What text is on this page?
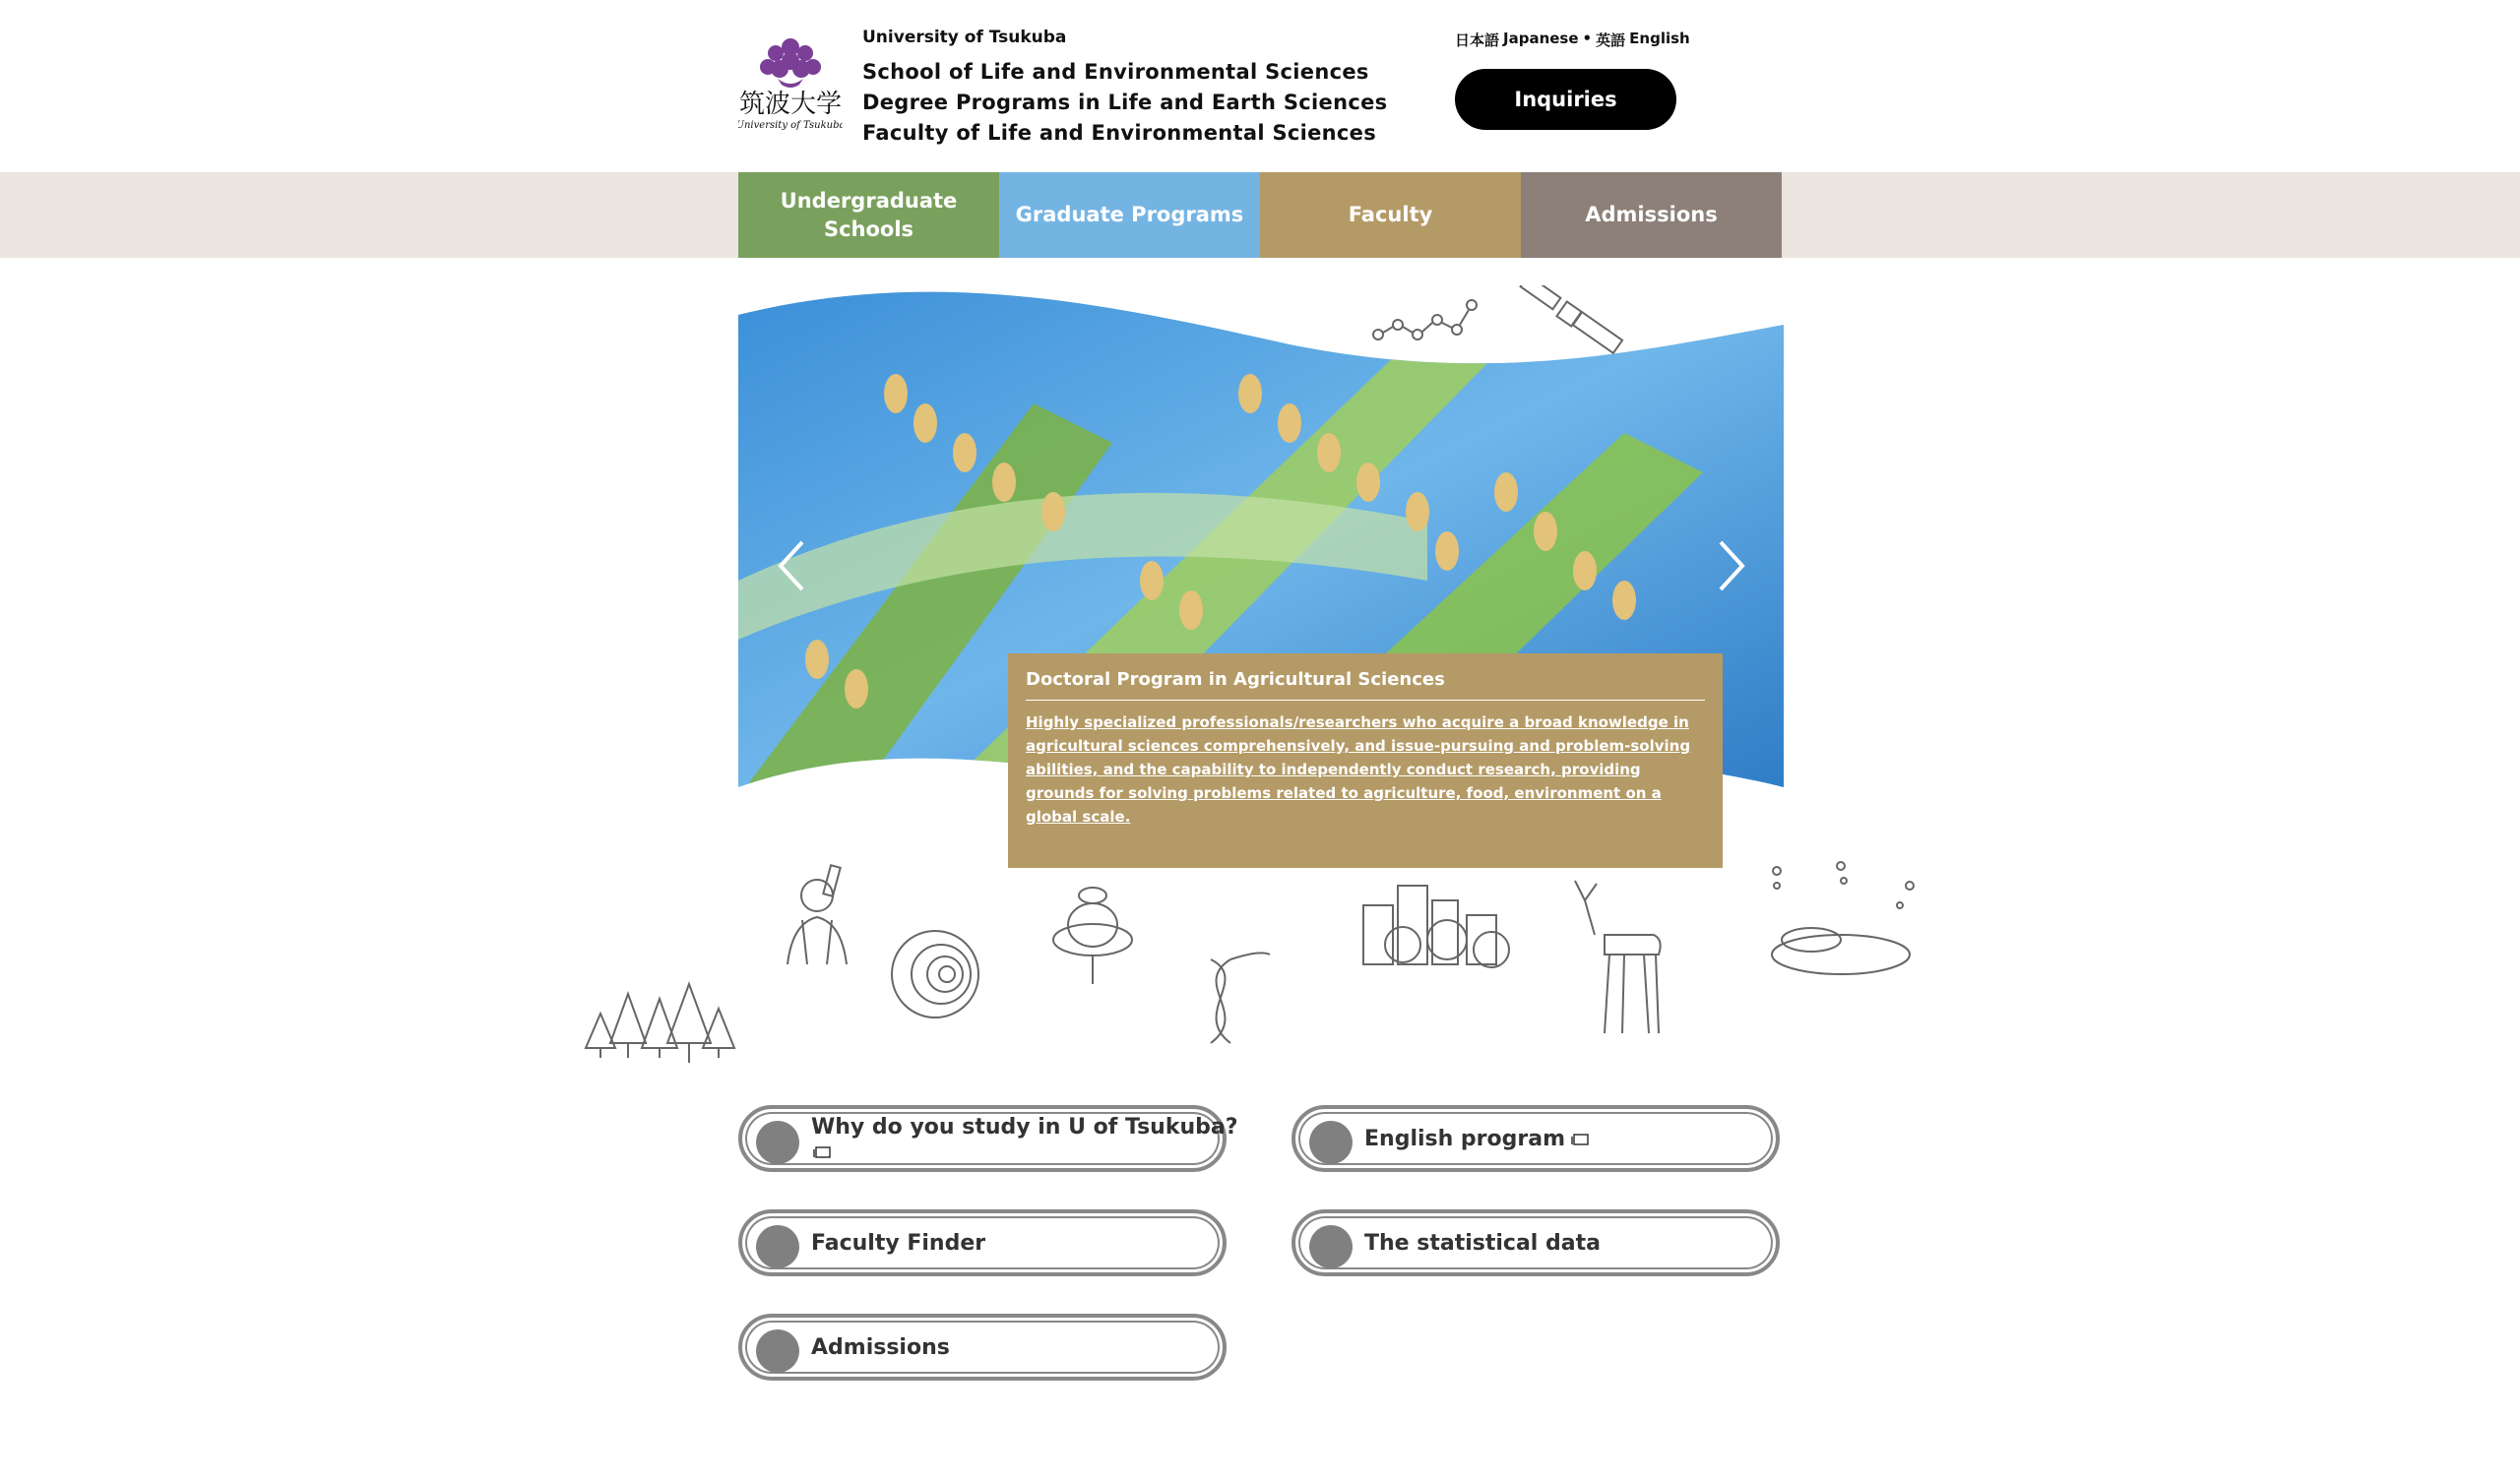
筑波大学
University of Tsukuba
University of Tsukuba
School of Life and Environmental Sciences
Degree Programs in Life and Earth Sciences
Faculty of Life and Environmental Sciences
日本語 Japanese • 英語 English
Inquiries
Undergraduate Schools
Graduate Programs	Faculty	Admissions
Doctoral Program in Agricultural Sciences
Highly specialized professionals/researchers who acquire a broad knowledge in agricultural sciences comprehensively, and issue-pursuing and problem-solving abilities, and the capability to independently conduct research, providing grounds for solving problems related to agriculture, food, environment on a global scale.
Why do you study in U of Tsukuba?	English program
Faculty Finder	The statistical data
Admissions
